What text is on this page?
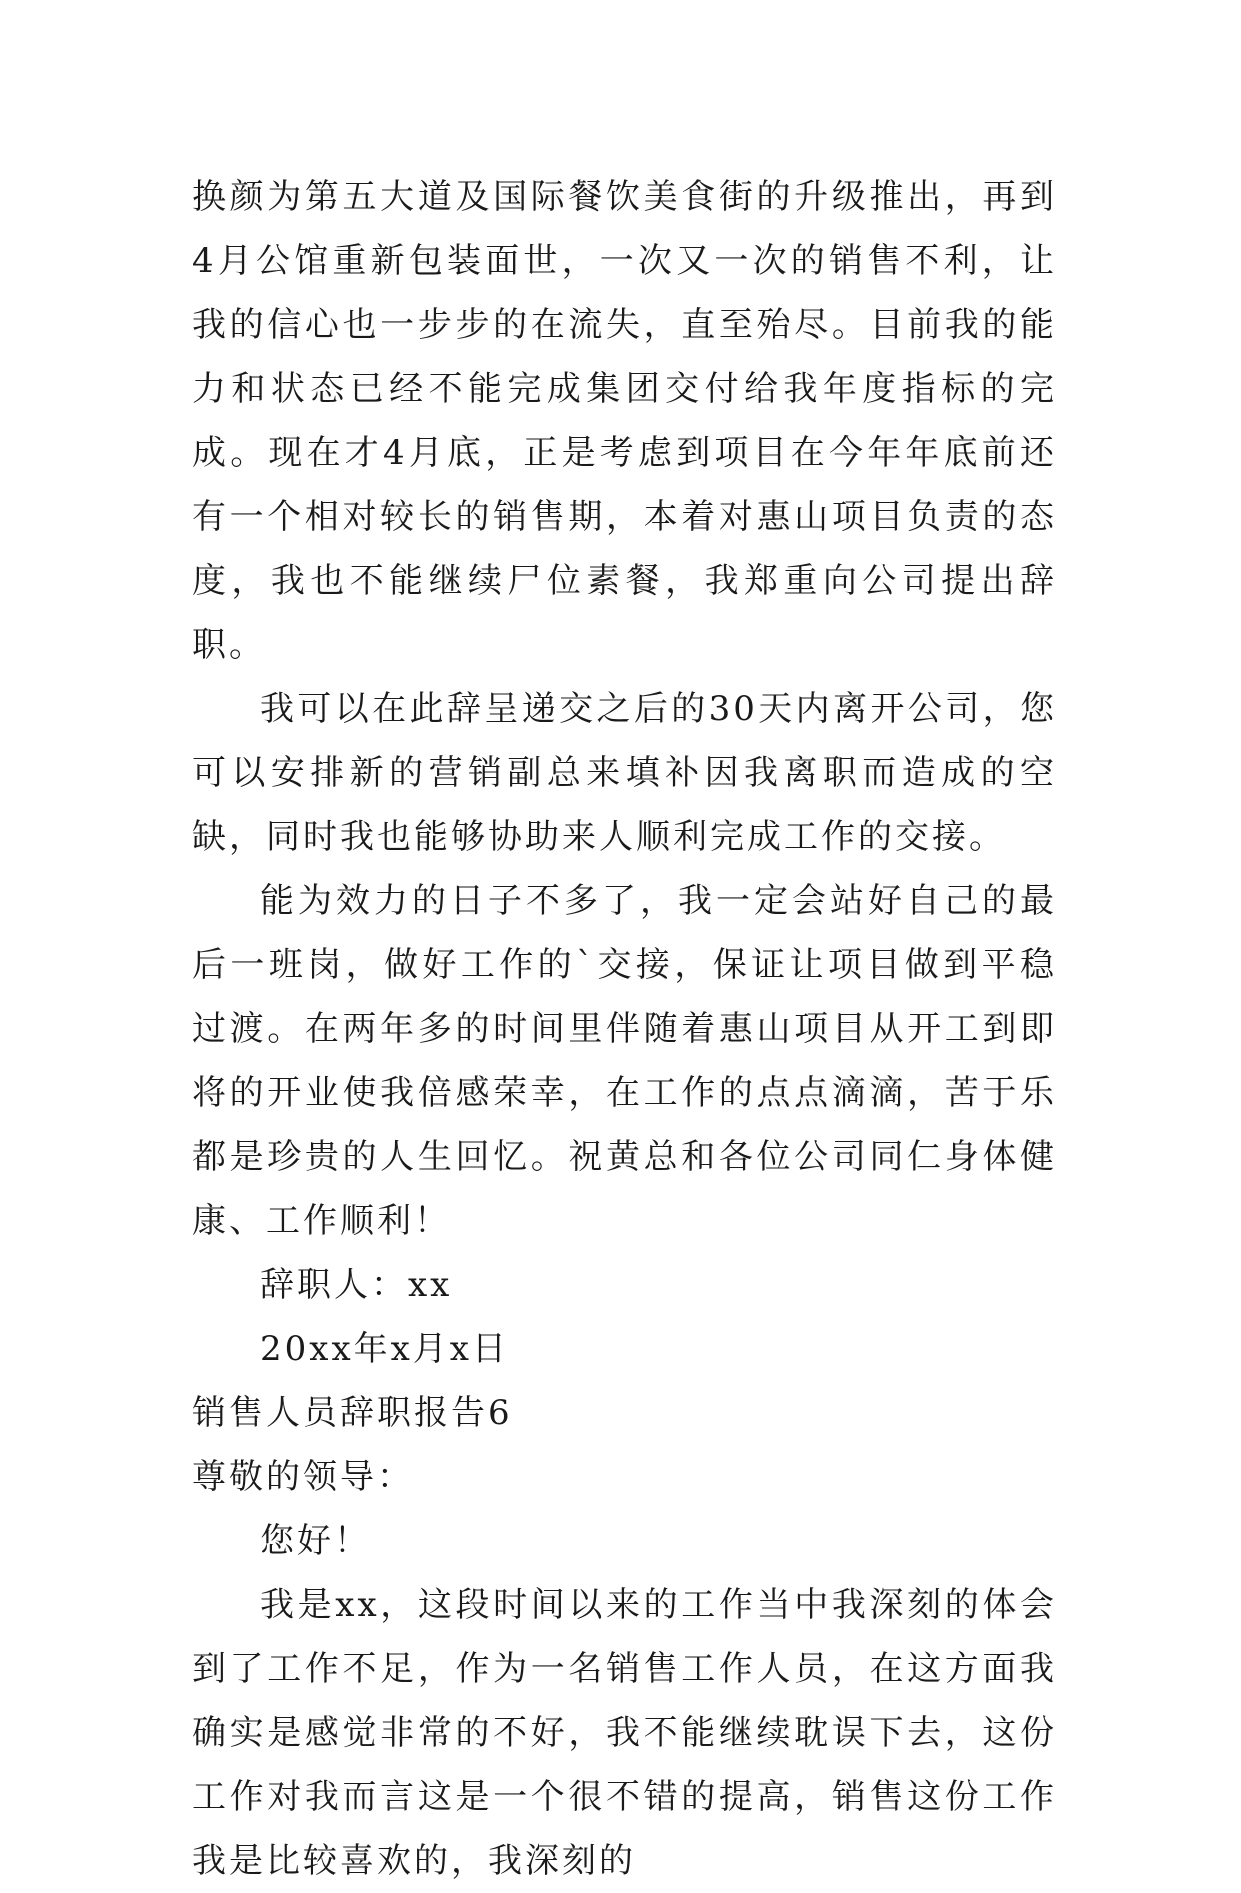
换颜为第五大道及国际餐饮美食街的升级推出，再到4月公馆重新包装面世，一次又一次的销售不利，让我的信心也一步步的在流失，直至殆尽。目前我的能力和状态已经不能完成集团交付给我年度指标的完成。现在才4月底，正是考虑到项目在今年年底前还有一个相对较长的销售期，本着对惠山项目负责的态度，我也不能继续尸位素餐，我郑重向公司提出辞职。

我可以在此辞呈递交之后的30天内离开公司，您可以安排新的营销副总来填补因我离职而造成的空缺，同时我也能够协助来人顺利完成工作的交接。

能为效力的日子不多了，我一定会站好自己的最后一班岗，做好工作的`交接，保证让项目做到平稳过渡。在两年多的时间里伴随着惠山项目从开工到即将的开业使我倍感荣幸，在工作的点点滴滴，苦于乐都是珍贵的人生回忆。祝黄总和各位公司同仁身体健康、工作顺利！

辞职人：xx

20xx年x月x日

销售人员辞职报告6

尊敬的领导：

您好！

我是xx，这段时间以来的工作当中我深刻的体会到了工作不足，作为一名销售工作人员，在这方面我确实是感觉非常的不好，我不能继续耽误下去，这份工作对我而言这是一个很不错的提高，销售这份工作我是比较喜欢的，我深刻的
